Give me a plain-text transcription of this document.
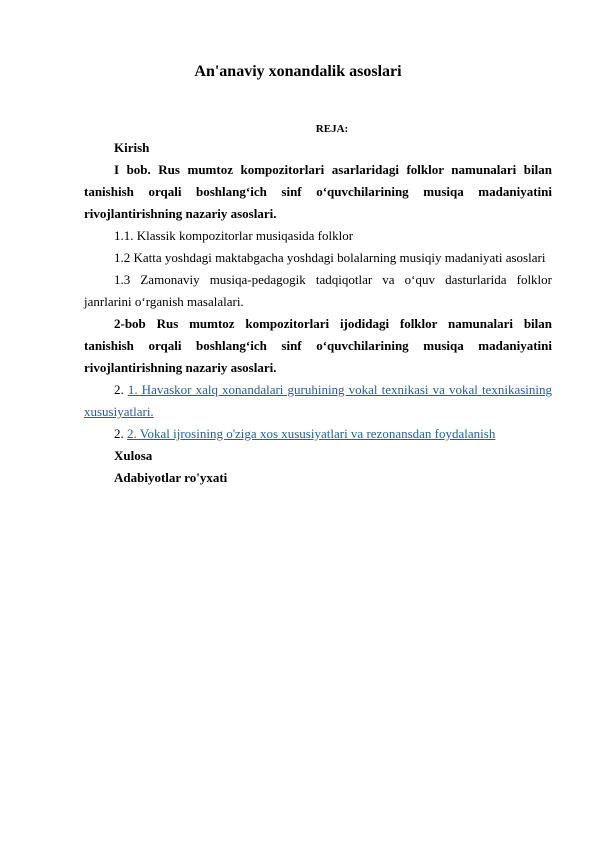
An'anaviy xonandalik asoslari
REJA:

Kirish

I bob. Rus mumtoz kompozitorlari asarlaridagi folklor namunalari bilan tanishish orqali boshlang‘ich sinf o‘quvchilarining musiqa madaniyatini rivojlantirishning nazariy asoslari.

1.1. Klassik kompozitorlar musiqasida folklor

1.2 Katta yoshdagi maktabgacha yoshdagi bolalarning musiqiy madaniyati asoslari

1.3 Zamonaviy musiqa-pedagogik tadqiqotlar va o‘quv dasturlarida folklor janrlarini o‘rganish masalalari.

2-bob Rus mumtoz kompozitorlari ijodidagi folklor namunalari bilan tanishish orqali boshlang‘ich sinf o‘quvchilarining musiqa madaniyatini rivojlantirishning nazariy asoslari.

2. 1. Havaskor xalq xonandalari guruhining vokal texnikasi va vokal texnikasining xususiyatlari.

2. 2. Vokal ijrosining o'ziga xos xususiyatlari va rezonansdan foydalanish

Xulosa

Adabiyotlar ro'yxati
